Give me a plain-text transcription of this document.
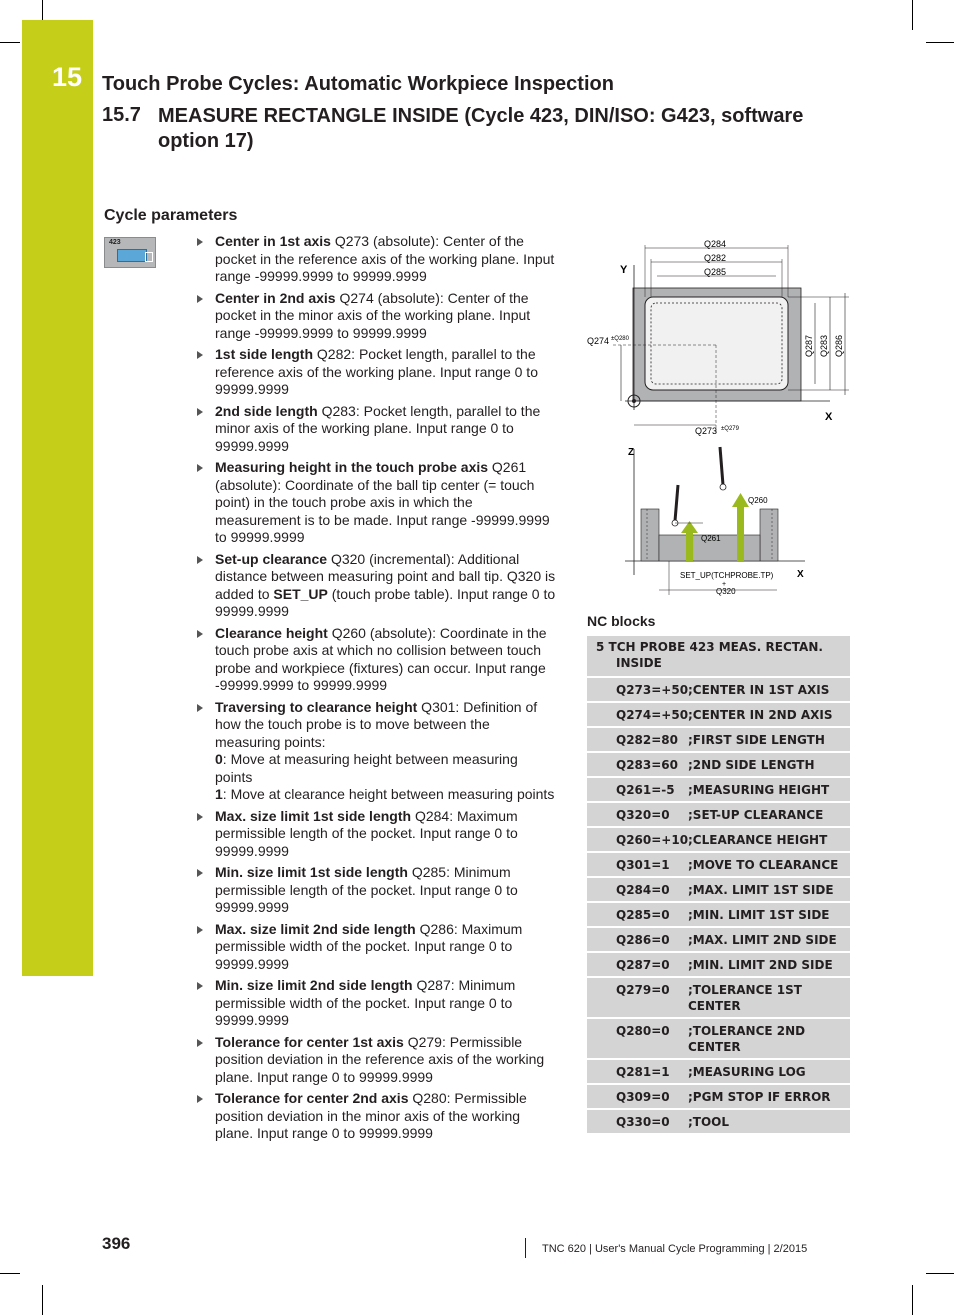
15 Touch Probe Cycles: Automatic Workpiece Inspection
15.7 MEASURE RECTANGLE INSIDE (Cycle 423, DIN/ISO: G423, software option 17)
Cycle parameters
423	Center in 1st axis Q273 (absolute): Center of the pocket in the reference axis of the working plane. Input range -99999.9999 to 99999.9999
Center in 2nd axis Q274 (absolute): Center of the pocket in the minor axis of the working plane. Input range -99999.9999 to 99999.9999
1st side length Q282: Pocket length, parallel to the reference axis of the working plane. Input range 0 to 99999.9999
2nd side length Q283: Pocket length, parallel to the minor axis of the working plane. Input range 0 to 99999.9999
Measuring height in the touch probe axis Q261 (absolute): Coordinate of the ball tip center (= touch point) in the touch probe axis in which the measurement is to be made. Input range -99999.9999 to 99999.9999
Set-up clearance Q320 (incremental): Additional distance between measuring point and ball tip. Q320 is added to SET_UP (touch probe table). Input range 0 to 99999.9999
Clearance height Q260 (absolute): Coordinate in the touch probe axis at which no collision between touch probe and workpiece (fixtures) can occur. Input range -99999.9999 to 99999.9999
Traversing to clearance height Q301: Definition of how the touch probe is to move between the measuring points:
0: Move at measuring height between measuring points
1: Move at clearance height between measuring points
Max. size limit 1st side length Q284: Maximum permissible length of the pocket. Input range 0 to 99999.9999
Min. size limit 1st side length Q285: Minimum permissible length of the pocket. Input range 0 to 99999.9999
Max. size limit 2nd side length Q286: Maximum permissible width of the pocket. Input range 0 to 99999.9999
Min. size limit 2nd side length Q287: Minimum permissible width of the pocket. Input range 0 to 99999.9999
Tolerance for center 1st axis Q279: Permissible position deviation in the reference axis of the working plane. Input range 0 to 99999.9999
Tolerance for center 2nd axis Q280: Permissible position deviation in the minor axis of the working plane. Input range 0 to 99999.9999
Y
X
Q284
Q282
Q285
Q287 Q283 Q286
Q274 ±Q280
Q273 ±Q279
Z
X
Q260
Q261
SET_UP(TCHPROBE.TP)
+
Q320
NC blocks
5 TCH PROBE 423 MEAS. RECTAN.
INSIDE
Q273=+50 ;CENTER IN 1ST AXIS
Q274=+50 ;CENTER IN 2ND AXIS
Q282=80 ;FIRST SIDE LENGTH
Q283=60 ;2ND SIDE LENGTH
Q261=-5	;MEASURING HEIGHT
Q320=0	;SET-UP CLEARANCE
Q260=+10 ;CLEARANCE HEIGHT
Q301=1	;MOVE TO CLEARANCE
Q284=0	;MAX. LIMIT 1ST SIDE
Q285=0	;MIN. LIMIT 1ST SIDE
Q286=0	;MAX. LIMIT 2ND SIDE
Q287=0	;MIN. LIMIT 2ND SIDE
Q279=0	;TOLERANCE 1ST CENTER
Q280=0	;TOLERANCE 2ND CENTER
Q281=1	;MEASURING LOG
Q309=0	;PGM STOP IF ERROR
Q330=0	;TOOL
396	TNC 620 | User's Manual Cycle Programming | 2/2015
